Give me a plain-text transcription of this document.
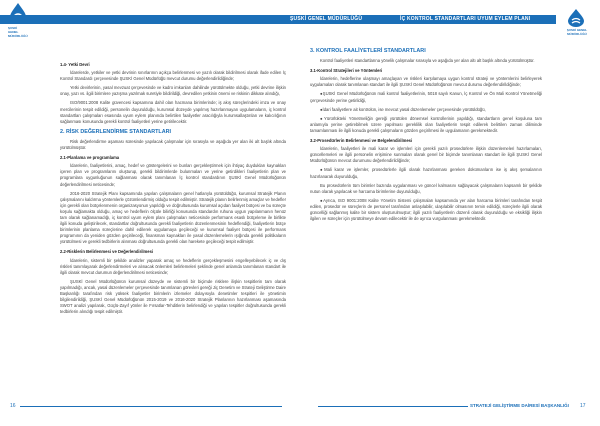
ŞUSKİ GENEL MÜDÜRLÜĞÜ
ŞUSKİ GENEL MÜDÜRLÜĞÜ	İÇ KONTROL STANDARTLARI UYUM EYLEM PLANI
ŞUSKİ GENEL MÜDÜRLÜĞÜ

1.4- Yetki Devri

İdarelerde, yetkiler ve yetki devrinin sınırlarının açıkça belirlenmesi ve yazılı olarak bildirilmesi olarak ifade edilen İç Kontrol Standardı çerçevesinde ŞUSKİ Genel Müdürlüğü mevcut durumu değerlendirildiğinde;

Yetki devirlerinin, yasal mevzuat çerçevesinde ve kadro imkanları dahilinde yürütülmekte olduğu, yetki devrine ilişkin onay, yazı vs. ilgili birimlere yazışma yazılmak suretiyle bildirildiği, devredilen yetkinin önemi ve riskinin dikkate alındığı,

ISO/9001:2008 Kalite güvencesi kapsamına dahil olan hacmana birimlerinde; iş akış süreçlerindeki imza ve onay mercilerinin tespit edildiği, personelin duyurulduğu, kurumsal düzeyde yapılmış hazırlanmayan uygulamaların, iç kontrol standartları çalışmaları esasında uyum eylem planında belirtilen faaliyetler aracılığıyla kurumsallaştırılan ve kalıcılığının sağlanması konusunda gerekli kontrol faaliyetleri yerine getirilecektir.

2. RİSK DEĞERLENDİRME STANDARTLARI

Risk değerlendirme aşaması süresinde yapılacak çalışmalar için sırasıyla ve aşağıda yer alan iki alt başlık altında yürütülmüştür.

2.1-Planlama ve programlama

İdarelerin, faaliyetlerini, amaç, hedef ve göstergelerini ve bunları gerçekleştirmek için ihtiyaç duydukları kaynakları içeren plan ve programlarını oluşturup, gerekli bildirimlerde bulunmaları ve yerine getirdikleri faaliyetlerin plan ve programlara uygunluğunun sağlanması olarak tanımlanan İç kontrol standardının ŞUSKİ Genel Müdürlüğünün değerlendirilmesi neticesinde;

2016-2020 Stratejik Planı kapsamında yapılan çalışmaların genel hatlarıyla yürütüldüğü, kurumsal Stratejik Planın çalışmalarını kaldırma yöntemlerle çözümlendirmiş olduğu tespit edilmiştir. Stratejik planın belirlenmiş amaçlar ve hedefler için gerekli olan bütçelenmenin organizasyonun yapıldığı ve doğrultusunda kurumsal açıdan faaliyet bütçesi ve bu süreçte koşulu sağlamakta olduğu, amaç ve hedeflerin ölçüle bilirliği konusunda standardın ruhuna uygun yapılanmanın henüz tam olarak sağlanamadığı, iç kontrol uyum eylem planı çalışmaları neticesinde performans esaslı bütçeleme ile birlikte ilgili konuda geliştirilecek, standartlar doğrultusunda gerekli faaliyetlerin düzenlenmesinin hedeflendiği, faaliyetlerin bütçe birimlerinin planlama süreçlerine dahil edilerek uygulamaya geçileceği ve kurumsal faaliyet bütçesi ile performans programının da yeniden gözden geçirileceği, finansman kaynakları ile yasal düzenlemelerin ışığında gerekli politikaların yürütülmesi ve gerekli tedbirlerin alınması doğrultusunda gerekli olan harekete geçileceği tespit edilmiştir.

2.2-Risklerin Belirlenmesi ve Değerlendirilmesi

İdarelerin, sistemli bir şekilde analizler yaparak amaç ve hedeflerin gerçekleşmesini engelleyebilecek iç ve dış riskleri tanımlayarak değerlendirmeleri ve alınacak önlemleri belirlemeleri şeklinde genel anlamda tanımlanan standart ile ilgili olarak mevcut durumun değerlendirilmesi neticesinde;

ŞUSKİ Genel Müdürlüğünün kurumsal düzeyde ve sistemli bir biçimde risklere ilişkin tespitlerin tam olarak yapılmadığı, ancak, yasal düzenlemeler çerçevesinde tanımlanan görevleri gereği Jiç Denetim ve Strateji Geliştirme Daire Başkanlığı tarafından risk yüksek faaliyetler birimlerin izlemeler dolayısıyla denetimler tespitleri ile yönetimin bilgilendirildiği, ŞUSKİ Genel Müdürlüğünün 2015-2019 ve 2016-2020 Stratejik Planlarının hazırlanması aşamasında SWOT analizi yapılarak, Güçlü-Zayıf yönler ile Fırsatlar-Tehditlerin belirlendiği ve yapılan tespitler doğrultusunda gerekli tedbirlerin alındığı tespit edilmiştir.

3. KONTROL FAALİYETLERİ STANDARTLARI

Kontrol faaliyetleri standartlarına yönelik çalışmalar sırasıyla ve aşağıda yer alan altı alt başlık altında yürütülmüştür.

3.1-Kontrol Stratejileri ve Yöntemleri

İdarelerin, hedeflerine ulaşmayı amaçlayan ve riskleri karşılamaya uygun kontrol strateji ve yöntemlerini belirleyerek uygulamaları olarak tanımlanan standart ile ilgili ŞUSKİ Genel Müdürlüğünün mevcut durumu değerlendirildiğinde;

●ŞUSKİ Genel Müdürlüğünün mali kontrol faaliyetlerinin, 5018 sayılı Kanun, İç Kontrol ve Ön Mali Kontrol Yönetmeliği çerçevesinde yerine getirildiği,

●İdari faaliyetlere ait kontrolün, ise mevcut yasal düzenlemeler çerçevesinde yürütüldüğü,

●Yürürlükteki Yönetmeliğin gereği yürütülen dönemsel kontrollerinin yapıldığı, standartların genel koşuluna tam anlamıyla yerine getirebilmek üzere yapılması gereklilik olan faaliyetlerin tespit edilerek belirtilen zaman diliminde tamamlanması ile ilgili konuda gerekli çalışmaların gözden geçirilmesi ile uygulamanın gerekmektedir.

3.2-Prosedürlerin Belirlenmesi ve Belgelendirilmesi

İdarelerin, faaliyetleri ile mali karar ve işlemleri için gerekli yazılı prosedürlere ilişkin düzenlemeleri hazırlamaları, güncellemeleri ve ilgili personelin erişimine sunmaları olarak genel bir biçimde tanımlanan standart ile ilgili ŞUSKİ Genel Müdürlüğünün mevcut durumunu değerlendirildiğinde;

●Mali karar ve işlemler, prosedürlerle ilgili olarak hazırlanması gereken dokümanların ise iş akış şemalarının hazırlanarak duyurulduğu,

Bu prosedürlerin tüm birimler bazında uygulanması ve güncel kalmasını sağlayacak çalışmaların kapsamlı bir şekilde nutun olarak yapılacak ve harcama birimlerine duyurulduğu,

●Ayrıca, ISO 9001:2008 Kalite Yönetim Sistemi çalışmaları kapsamında yer alan harcama birimleri tarafından tespit edilen, prosedür ve süreçlerin de personel tarafından anlaşılabilir, ulaşılabilir olmasının temin edildiği, süreçlerle ilgili olarak güncelliği sağlanmış kalite bir sistem oluşturulmuştur; ilgili yazılı faaliyetlerin düzenli olarak duyurulduğu ve eksikliği ilişkin ilgilen ve süreçler için yürütülmeye devam edilecektir ile de ayrıca vurgulanması gerekmektedir.

16	STRATEJİ GELİŞTİRME DAİRESİ BAŞKANLIĞI 17
